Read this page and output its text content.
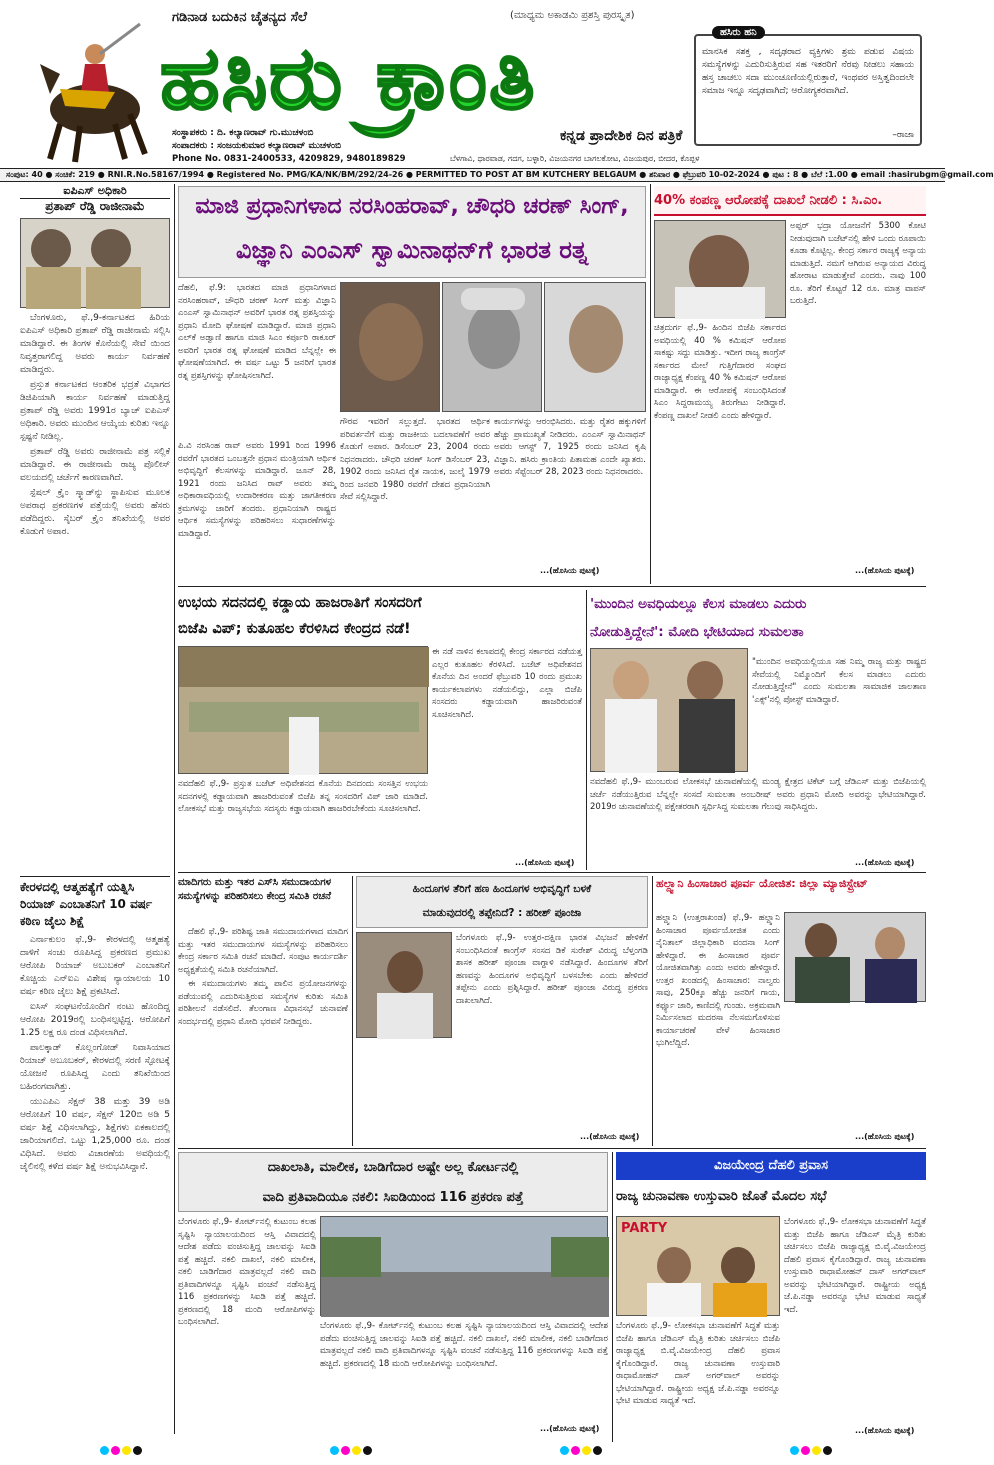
ಗಡಿನಾಡ ಬದುಕಿನ ಚೈತನ್ಯದ ಸೆಲೆ	(ಮಾಧ್ಯಮ ಅಕಾಡಮಿ ಪ್ರಶಸ್ತಿ ಪುರಸ್ಕೃತ)
ಹಸಿರು ಕ್ರಾಂತಿ
ಸಂಸ್ಥಾಪಕರು : ದಿ. ಕಲ್ಯಾಣರಾವ್ ಗು.ಮುಚಳಂಬಿ
ಸಂಪಾದಕರು : ಸಂಜಯಕುಮಾರ ಕಲ್ಯಾಣರಾವ್ ಮುಚಳಂಬಿ
Phone No. 0831-2400533, 4209829, 9480189829
ಕನ್ನಡ ಪ್ರಾದೇಶಿಕ ದಿನ ಪತ್ರಿಕೆ
ಬೆಳಗಾವಿ, ಧಾರವಾಡ, ಗದಗ, ಬಳ್ಳಾರಿ, ವಿಜಯನಗರ ಬಾಗಲಕೋಟ, ವಿಜಯಪುರ, ಬೀದರ, ಕೊಪ್ಪಳ
ಹಸಿರು ಹನಿ
ಮಾನಸಿಕ ಸಶಕ್ತ , ಸದೃಢರಾದ ವ್ಯಕ್ತಿಗಳು ಶ್ರಮ ಪಡುವ ವಿಷಯ ಸಮಸ್ಯೆಗಳನ್ನು ಎದುರಿಸುತ್ತಿರುವ ಸಹ ಇತರರಿಗೆ ನೆರವು ನೀಡಲು ಸಹಾಯ ಹಸ್ತ ಚಾಚಲು ಸದಾ ಮುಂಚೂಣಿಯಲ್ಲಿರುತ್ತಾರೆ, ಇಂಥವರ ಅಸ್ತಿತ್ವದಿಂದಲೇ ಸಮಾಜ ಇನ್ನೂ ಸದೃಢವಾಗಿದೆ; ಆರೋಗ್ಯಕರವಾಗಿದೆ.
–ರಾಜಾ
ಸಂಪುಟ: 40 ● ಸಂಚಿಕೆ: 219 ● RNI.R.No.58167/1994 ● Registered No. PMG/KA/NK/BM/292/24-26 ● PERMITTED TO POST AT BM KUTCHERY BELGAUM ● ಶನಿವಾರ ● ಫೆಬ್ರುವರಿ 10-02-2024 ● ಪುಟ : 8 ● ಬೆಲೆ :1.00 ● email :hasirubgm@gmail.com
ಐಪಿಎಸ್ ಅಧಿಕಾರಿ
ಪ್ರತಾಪ್ ರೆಡ್ಡಿ ರಾಜೀನಾಮೆ

ಬೆಂಗಳೂರು, ಫೆ.,9-ಕರ್ನಾಟಕದ ಹಿರಿಯ ಐಪಿಎಸ್ ಅಧಿಕಾರಿ ಪ್ರತಾಪ್ ರೆಡ್ಡಿ ರಾಜೀನಾಮೆ ಸಲ್ಲಿಸಿ ಮಾಡಿದ್ದಾರೆ. ಈ ತಿಂಗಳ ಕೊನೆಯಲ್ಲಿ ಸೇವೆ ಯಿಂದ ನಿವೃತ್ತರಾಗಲಿದ್ದ ಅವರು ಕಾರ್ಯ ನಿರ್ವಹಣೆ ಮಾಡಿದ್ದರು.

ಪ್ರಸ್ತುತ ಕರ್ನಾಟಕದ ಆಂತರಿಕ ಭದ್ರತೆ ವಿಭಾಗದ ಡಿಜಿಪಿಯಾಗಿ ಕಾರ್ಯ ನಿರ್ವಹಣೆ ಮಾಡುತ್ತಿದ್ದ ಪ್ರತಾಪ್ ರೆಡ್ಡಿ ಅವರು 1991ರ ಬ್ಯಾಚ್ ಐಪಿಎಸ್ ಅಧಿಕಾರಿ. ಅವರು ಮುಂದಿನ ಆಯ್ಕೆಯ ಕುರಿತು ಇನ್ನೂ ಸ್ಪಷ್ಟನೆ ನೀಡಿಲ್ಲ.

ಪ್ರತಾಪ್ ರೆಡ್ಡಿ ಅವರು ರಾಜೀನಾಮೆ ಪತ್ರ ಸಲ್ಲಿಕೆ ಮಾಡಿದ್ದಾರೆ. ಈ ರಾಜೀನಾಮೆ ರಾಜ್ಯ ಪೊಲೀಸ್ ವಲಯದಲ್ಲಿ ಚರ್ಚೆಗೆ ಕಾರಣವಾಗಿದೆ.

ಸ್ಪೆಷಲ್ ಕ್ರೈಂ ಸ್ಕ್ವಾಡ್‌ನ್ನು ಸ್ಥಾಪಿಸುವ ಮೂಲಕ ಅಪರಾಧ ಪ್ರಕರಣಗಳ ಪತ್ತೆಯಲ್ಲಿ ಅವರು ಹೆಸರು ಪಡೆದಿದ್ದರು. ಸೈಬರ್ ಕ್ರೈಂ ತನಿಖೆಯಲ್ಲಿ ಅವರ ಕೊಡುಗೆ ಅಪಾರ.

ಕೇರಳದಲ್ಲಿ ಆತ್ಮಹತ್ಯೆಗೆ ಯತ್ನಿಸಿ ರಿಯಾಜ್ ಎಂಬಾತನಿಗೆ 10 ವರ್ಷ ಕಠಿಣ ಜೈಲು ಶಿಕ್ಷೆ

ಎರ್ನಾಕುಲಂ ಫೆ.,9- ಕೇರಳದಲ್ಲಿ ಆತ್ಮಹತ್ಯೆ ದಾಳಿಗೆ ಸಂಚು ರೂಪಿಸಿದ್ದ ಪ್ರಕರಣದ ಪ್ರಮುಖ ಆರೋಪಿ ರಿಯಾಜ್ ಅಬುಬಕರ್ ಎಂಬಾತನಿಗೆ ಕೊಚ್ಚಿಯ ಎನ್‌ಐಎ ವಿಶೇಷ ನ್ಯಾಯಾಲಯ 10 ವರ್ಷ ಕಠಿಣ ಜೈಲು ಶಿಕ್ಷೆ ಪ್ರಕಟಿಸಿದೆ.

ಐಸಿಸ್ ಸಂಘಟನೆಯೊಂದಿಗೆ ನಂಟು ಹೊಂದಿದ್ದ ಆರೋಪಿ 2019ರಲ್ಲಿ ಬಂಧಿಸಲ್ಪಟ್ಟಿದ್ದ. ಆರೋಪಿಗೆ 1.25 ಲಕ್ಷ ರೂ ದಂಡ ವಿಧಿಸಲಾಗಿದೆ.

ಪಾಲಕ್ಕಾಡ್ ಕೊಲ್ಲಂಗೋಡ್ ನಿವಾಸಿಯಾದ ರಿಯಾಜ್ ಅಬೂಬಕರ್, ಕೇರಳದಲ್ಲಿ ಸರಣಿ ಸ್ಫೋಟಕ್ಕೆ ಯೋಜನೆ ರೂಪಿಸಿದ್ದ ಎಂದು ತನಿಖೆಯಿಂದ ಬಹಿರಂಗವಾಗಿತ್ತು.

ಯುಎಪಿಎ ಸೆಕ್ಷನ್ 38 ಮತ್ತು 39 ಅಡಿ ಆರೋಪಿಗೆ 10 ವರ್ಷ, ಸೆಕ್ಷನ್ 120ಬಿ ಅಡಿ 5 ವರ್ಷ ಶಿಕ್ಷೆ ವಿಧಿಸಲಾಗಿದ್ದು, ಶಿಕ್ಷೆಗಳು ಏಕಕಾಲದಲ್ಲಿ ಜಾರಿಯಾಗಲಿದೆ. ಒಟ್ಟು 1,25,000 ರೂ. ದಂಡ ವಿಧಿಸಿದೆ. ಅವರು ವಿಚಾರಣೆಯ ಅವಧಿಯಲ್ಲಿ ಜೈಲಿನಲ್ಲಿ ಕಳೆದ ವರ್ಷ ಶಿಕ್ಷೆ ಅನುಭವಿಸಿದ್ದಾನೆ.

ಮಾಜಿ ಪ್ರಧಾನಿಗಳಾದ ನರಸಿಂಹರಾವ್, ಚೌಧರಿ ಚರಣ್ ಸಿಂಗ್,
ವಿಜ್ಞಾನಿ ಎಂಎಸ್ ಸ್ವಾಮಿನಾಥನ್‌ಗೆ ಭಾರತ ರತ್ನ
ದೆಹಲಿ, ಫೆ.9: ಭಾರತದ ಮಾಜಿ ಪ್ರಧಾನಿಗಳಾದ ನರಸಿಂಹರಾವ್, ಚೌಧರಿ ಚರಣ್ ಸಿಂಗ್ ಮತ್ತು ವಿಜ್ಞಾನಿ ಎಂಎಸ್ ಸ್ವಾಮಿನಾಥನ್ ಅವರಿಗೆ ಭಾರತ ರತ್ನ ಪ್ರಶಸ್ತಿಯನ್ನು ಪ್ರಧಾನಿ ಮೋದಿ ಘೋಷಣೆ ಮಾಡಿದ್ದಾರೆ. ಮಾಜಿ ಪ್ರಧಾನಿ ಎಲ್‌ಕೆ ಅಡ್ವಾಣಿ ಹಾಗೂ ಮಾಜಿ ಸಿಎಂ ಕರ್ಪೂರಿ ಠಾಕೂರ್ ಅವರಿಗೆ ಭಾರತ ರತ್ನ ಘೋಷಣೆ ಮಾಡಿದ ಬೆನ್ನಲ್ಲೇ ಈ ಘೋಷಣೆಯಾಗಿದೆ. ಈ ವರ್ಷ ಒಟ್ಟು 5 ಜನರಿಗೆ ಭಾರತ ರತ್ನ ಪ್ರಶಸ್ತಿಗಳನ್ನು ಘೋಷಿಸಲಾಗಿದೆ.
ಪಿ.ವಿ ನರಸಿಂಹ ರಾವ್ ಅವರು 1991 ರಿಂದ 1996 ರವರೆಗೆ ಭಾರತದ ಒಂಬತ್ತನೇ ಪ್ರಧಾನ ಮಂತ್ರಿಯಾಗಿ ಆರ್ಥಿಕ ಅಭಿವೃದ್ಧಿಗೆ ಕೆಲಸಗಳನ್ನು ಮಾಡಿದ್ದಾರೆ. ಜೂನ್ 28, 1921 ರಂದು ಜನಿಸಿದ ರಾವ್ ಅವರು ತಮ್ಮ ಅಧಿಕಾರಾವಧಿಯಲ್ಲಿ ಉದಾರೀಕರಣ ಮತ್ತು ಜಾಗತೀಕರಣ ಕ್ರಮಗಳನ್ನು ಜಾರಿಗೆ ತಂದರು. ಪ್ರಧಾನಿಯಾಗಿ ರಾಷ್ಟ್ರದ ಆರ್ಥಿಕ ಸಮಸ್ಯೆಗಳನ್ನು ಪರಿಹರಿಸಲು ಸುಧಾರಣೆಗಳನ್ನು ಮಾಡಿದ್ದಾರೆ.
ಗೌರವ ಇವರಿಗೆ ಸಲ್ಲುತ್ತದೆ. ಭಾರತದ ಆರ್ಥಿಕ ಪರಿವರ್ತನೆಗೆ ಮತ್ತು ರಾಜಕೀಯ ಬದಲಾವಣೆಗೆ ಅವರ ಕೊಡುಗೆ ಅಪಾರ. ಡಿಸೆಂಬರ್ 23, 2004 ರಂದು ನಿಧನರಾದರು. ಚೌಧರಿ ಚರಣ್ ಸಿಂಗ್ ಡಿಸೆಂಬರ್ 23, 1902 ರಂದು ಜನಿಸಿದ ರೈತ ನಾಯಕ, ಜುಲೈ 1979 ರಿಂದ ಜನವರಿ 1980 ರವರೆಗೆ ದೇಶದ ಪ್ರಧಾನಿಯಾಗಿ ಸೇವೆ ಸಲ್ಲಿಸಿದ್ದಾರೆ.
ಕಾರ್ಯಗಳನ್ನು ಆರಂಭಿಸಿದರು. ಮತ್ತು ರೈತರ ಹಕ್ಕುಗಳಿಗೆ ಹೆಚ್ಚು ಪ್ರಾಮುಖ್ಯತೆ ನೀಡಿದರು. ಎಂಎಸ್ ಸ್ವಾಮಿನಾಥನ್ ಅವರು ಆಗಸ್ಟ್ 7, 1925 ರಂದು ಜನಿಸಿದ ಕೃಷಿ ವಿಜ್ಞಾನಿ. ಹಸಿರು ಕ್ರಾಂತಿಯ ಪಿತಾಮಹ ಎಂದೇ ಖ್ಯಾತರು. ಅವರು ಸೆಪ್ಟೆಂಬರ್ 28, 2023 ರಂದು ನಿಧನರಾದರು.
...(ಹೊಸಿಯ ಪುಟಕ್ಕೆ)
40% ಕಂಪಣ್ಣ ಆರೋಪಕ್ಕೆ ದಾಖಲೆ ನೀಡಲಿ : ಸಿ.ಎಂ.
ಚಿತ್ರದುರ್ಗ ಫೆ.,9- ಹಿಂದಿನ ಬಿಜೆಪಿ ಸರ್ಕಾರದ ಅವಧಿಯಲ್ಲಿ 40 % ಕಮಿಷನ್ ಆರೋಪ ಸಾಕಷ್ಟು ಸದ್ದು ಮಾಡಿತ್ತು. ಇದೀಗ ರಾಜ್ಯ ಕಾಂಗ್ರೆಸ್ ಸರ್ಕಾರದ ಮೇಲೆ ಗುತ್ತಿಗೆದಾರರ ಸಂಘದ ರಾಜ್ಯಾಧ್ಯಕ್ಷ ಕೆಂಪಣ್ಣ 40 % ಕಮಿಷನ್ ಆರೋಪ ಮಾಡಿದ್ದಾರೆ. ಈ ಆರೋಪಕ್ಕೆ ಸಂಬಂಧಿಸಿದಂತೆ ಸಿಎಂ ಸಿದ್ದರಾಮಯ್ಯ ತಿರುಗೇಟು ನೀಡಿದ್ದಾರೆ. ಕೆಂಪಣ್ಣ ದಾಖಲೆ ನೀಡಲಿ ಎಂದು ಹೇಳಿದ್ದಾರೆ.
ಅಪ್ಪರ್ ಭದ್ರಾ ಯೋಜನೆಗೆ 5300 ಕೋಟಿ ನೀಡುವುದಾಗಿ ಬಜೆಟ್‌ನಲ್ಲಿ ಹೇಳಿ ಒಂದು ರೂಪಾಯಿ ಕೂಡಾ ಕೊಟ್ಟಿಲ್ಲ. ಕೇಂದ್ರ ಸರ್ಕಾರ ರಾಜ್ಯಕ್ಕೆ ಅನ್ಯಾಯ ಮಾಡುತ್ತಿದೆ. ನಮಗೆ ಆಗಿರುವ ಅನ್ಯಾಯದ ವಿರುದ್ಧ ಹೋರಾಟ ಮಾಡುತ್ತೇವೆ ಎಂದರು. ನಾವು 100 ರೂ. ತೆರಿಗೆ ಕೊಟ್ಟರೆ 12 ರೂ. ಮಾತ್ರ ವಾಪಸ್ ಬರುತ್ತಿದೆ.
...(ಹೊಸಿಯ ಪುಟಕ್ಕೆ)
ಉಭಯ ಸದನದಲ್ಲಿ ಕಡ್ಡಾಯ ಹಾಜರಾತಿಗೆ ಸಂಸದರಿಗೆ
ಬಿಜೆಪಿ ವಿಪ್; ಕುತೂಹಲ ಕೆರಳಿಸಿದ ಕೇಂದ್ರದ ನಡೆ!
ಈ ನಡೆ ನಾಳಿನ ಕಲಾಪದಲ್ಲಿ ಕೇಂದ್ರ ಸರ್ಕಾರದ ನಡೆಯತ್ತ ಎಲ್ಲರ ಕುತೂಹಲ ಕೆರಳಿಸಿದೆ. ಬಜೆಟ್ ಅಧಿವೇಶನದ ಕೊನೆಯ ದಿನ ಅಂದರೆ ಫೆಬ್ರುವರಿ 10 ರಂದು ಪ್ರಮುಖ ಕಾರ್ಯಕಲಾಪಗಳು ನಡೆಯಲಿದ್ದು, ಎಲ್ಲಾ ಬಿಜೆಪಿ ಸಂಸದರು ಕಡ್ಡಾಯವಾಗಿ ಹಾಜರಿರುವಂತೆ ಸೂಚಿಸಲಾಗಿದೆ.
ನವದೆಹಲಿ ಫೆ.,9- ಪ್ರಸ್ತುತ ಬಜೆಟ್ ಅಧಿವೇಶನದ ಕೊನೆಯ ದಿನದಂದು ಸಂಸತ್ತಿನ ಉಭಯ ಸದನಗಳಲ್ಲಿ ಕಡ್ಡಾಯವಾಗಿ ಹಾಜರಿರುವಂತೆ ಬಿಜೆಪಿ ತನ್ನ ಸಂಸದರಿಗೆ ವಿಪ್ ಜಾರಿ ಮಾಡಿದೆ. ಲೋಕಸಭೆ ಮತ್ತು ರಾಜ್ಯಸಭೆಯ ಸದಸ್ಯರು ಕಡ್ಡಾಯವಾಗಿ ಹಾಜರಿರಬೇಕೆಂದು ಸೂಚಿಸಲಾಗಿದೆ.
...(ಹೊಸಿಯ ಪುಟಕ್ಕೆ)
'ಮುಂದಿನ ಅವಧಿಯಲ್ಲೂ ಕೆಲಸ ಮಾಡಲು ಎದುರು
ನೋಡುತ್ತಿದ್ದೇನೆ': ಮೋದಿ ಭೇಟಿಯಾದ ಸುಮಲತಾ
"ಮುಂದಿನ ಅವಧಿಯಲ್ಲಿಯೂ ಸಹ ನಿಮ್ಮ ರಾಜ್ಯ ಮತ್ತು ರಾಷ್ಟ್ರದ ಸೇವೆಯಲ್ಲಿ ನಿಮ್ಮೊಂದಿಗೆ ಕೆಲಸ ಮಾಡಲು ಎದುರು ನೋಡುತ್ತಿದ್ದೇನೆ" ಎಂದು ಸುಮಲತಾ ಸಾಮಾಜಿಕ ಜಾಲತಾಣ 'ಎಕ್ಸ್'ನಲ್ಲಿ ಪೋಸ್ಟ್ ಮಾಡಿದ್ದಾರೆ.
ನವದೆಹಲಿ ಫೆ.,9- ಮುಂಬರುವ ಲೋಕಸಭೆ ಚುನಾವಣೆಯಲ್ಲಿ ಮಂಡ್ಯ ಕ್ಷೇತ್ರದ ಟಿಕೆಟ್ ಬಗ್ಗೆ ಜೆಡಿಎಸ್ ಮತ್ತು ಬಿಜೆಪಿಯಲ್ಲಿ ಚರ್ಚೆ ನಡೆಯುತ್ತಿರುವ ಬೆನ್ನಲ್ಲೇ ಸಂಸದೆ ಸುಮಲತಾ ಅಂಬರೀಷ್ ಅವರು ಪ್ರಧಾನಿ ಮೋದಿ ಅವರನ್ನು ಭೇಟಿಯಾಗಿದ್ದಾರೆ. 2019ರ ಚುನಾವಣೆಯಲ್ಲಿ ಪಕ್ಷೇತರರಾಗಿ ಸ್ಪರ್ಧಿಸಿದ್ದ ಸುಮಲತಾ ಗೆಲುವು ಸಾಧಿಸಿದ್ದರು.
...(ಹೊಸಿಯ ಪುಟಕ್ಕೆ)
ಮಾದಿಗರು ಮತ್ತು ಇತರ ಎಸ್‌ಸಿ ಸಮುದಾಯಗಳ ಸಮಸ್ಯೆಗಳನ್ನು ಪರಿಹರಿಸಲು ಕೇಂದ್ರ ಸಮಿತಿ ರಚನೆ

ದೆಹಲಿ ಫೆ.,9- ಪರಿಶಿಷ್ಟ ಜಾತಿ ಸಮುದಾಯಗಳಾದ ಮಾದಿಗ ಮತ್ತು ಇತರ ಸಮುದಾಯಗಳ ಸಮಸ್ಯೆಗಳನ್ನು ಪರಿಹರಿಸಲು ಕೇಂದ್ರ ಸರ್ಕಾರ ಸಮಿತಿ ರಚನೆ ಮಾಡಿದೆ. ಸಂಪುಟ ಕಾರ್ಯದರ್ಶಿ ಅಧ್ಯಕ್ಷತೆಯಲ್ಲಿ ಸಮಿತಿ ರಚನೆಯಾಗಿದೆ.

ಈ ಸಮುದಾಯಗಳು ತಮ್ಮ ಪಾಲಿನ ಪ್ರಯೋಜನಗಳನ್ನು ಪಡೆಯುವಲ್ಲಿ ಎದುರಿಸುತ್ತಿರುವ ಸಮಸ್ಯೆಗಳ ಕುರಿತು ಸಮಿತಿ ಪರಿಶೀಲನೆ ನಡೆಸಲಿದೆ. ತೆಲಂಗಾಣ ವಿಧಾನಸಭೆ ಚುನಾವಣೆ ಸಂದರ್ಭದಲ್ಲಿ ಪ್ರಧಾನಿ ಮೋದಿ ಭರವಸೆ ನೀಡಿದ್ದರು.

ಹಿಂದೂಗಳ ತೆರಿಗೆ ಹಣ ಹಿಂದೂಗಳ ಅಭಿವೃದ್ಧಿಗೆ ಬಳಕೆ
ಮಾಡುವುದರಲ್ಲಿ ತಪ್ಪೇನಿದೆ? : ಹರೀಶ್ ಪೂಂಜಾ
ಬೆಂಗಳೂರು ಫೆ.,9- ಉತ್ತರ-ದಕ್ಷಿಣ ಭಾರತ ವಿಭಜನೆ ಹೇಳಿಕೆಗೆ ಸಂಬಂಧಿಸಿದಂತೆ ಕಾಂಗ್ರೆಸ್ ಸಂಸದ ಡಿಕೆ ಸುರೇಶ್ ವಿರುದ್ಧ ಬೆಳ್ತಂಗಡಿ ಶಾಸಕ ಹರೀಶ್ ಪೂಂಜಾ ವಾಗ್ದಾಳಿ ನಡೆಸಿದ್ದಾರೆ. ಹಿಂದೂಗಳ ತೆರಿಗೆ ಹಣವನ್ನು ಹಿಂದೂಗಳ ಅಭಿವೃದ್ಧಿಗೆ ಬಳಸಬೇಕು ಎಂದು ಹೇಳಿದರೆ ತಪ್ಪೇನು ಎಂದು ಪ್ರಶ್ನಿಸಿದ್ದಾರೆ. ಹರೀಶ್ ಪೂಂಜಾ ವಿರುದ್ಧ ಪ್ರಕರಣ ದಾಖಲಾಗಿದೆ.
...(ಹೊಸಿಯ ಪುಟಕ್ಕೆ)
ಹಲ್ದ್ವಾನಿ ಹಿಂಸಾಚಾರ ಪೂರ್ವ ಯೋಜಿತ: ಜಿಲ್ಲಾ ಮ್ಯಾಜಿಸ್ಟ್ರೇಟ್
ಹಲ್ದ್ವಾನಿ (ಉತ್ತರಾಖಂಡ) ಫೆ.,9- ಹಲ್ದ್ವಾನಿ ಹಿಂಸಾಚಾರ ಪೂರ್ವಯೋಜಿತ ಎಂದು ನೈನಿತಾಲ್ ಜಿಲ್ಲಾಧಿಕಾರಿ ವಂದನಾ ಸಿಂಗ್ ಹೇಳಿದ್ದಾರೆ. ಈ ಹಿಂಸಾಚಾರ ಪೂರ್ವ ಯೋಜಿತವಾಗಿತ್ತು ಎಂದು ಅವರು ಹೇಳಿದ್ದಾರೆ. ಉತ್ತರ ಖಂಡದಲ್ಲಿ ಹಿಂಸಾಚಾರ: ನಾಲ್ವರು ಸಾವು, 250ಕ್ಕೂ ಹೆಚ್ಚು ಜನರಿಗೆ ಗಾಯ, ಕರ್ಫ್ಯೂ ಜಾರಿ, ಕಾಣಿದಲ್ಲಿ ಗುಂಡು. ಅಕ್ರಮವಾಗಿ ನಿರ್ಮಿಸಲಾದ ಮದರಸಾ ನೆಲಸಮಗೊಳಿಸುವ ಕಾರ್ಯಾಚರಣೆ ವೇಳೆ ಹಿಂಸಾಚಾರ ಭುಗಿಲೆದ್ದಿದೆ.
...(ಹೊಸಿಯ ಪುಟಕ್ಕೆ)
ದಾಖಲಾತಿ, ಮಾಲೀಕ, ಬಾಡಿಗೆದಾರ ಅಷ್ಟೇ ಅಲ್ಲ ಕೋರ್ಟನಲ್ಲಿ
ವಾದಿ ಪ್ರತಿವಾದಿಯೂ ನಕಲಿ: ಸಿಐಡಿಯಿಂದ 116 ಪ್ರಕರಣ ಪತ್ತೆ
ಬೆಂಗಳೂರು ಫೆ.,9- ಕೋರ್ಟ್‌ನಲ್ಲಿ ಕುಟುಂಬ ಕಲಹ ಸೃಷ್ಟಿಸಿ ನ್ಯಾಯಾಲಯದಿಂದ ಆಸ್ತಿ ವಿವಾದದಲ್ಲಿ ಆದೇಶ ಪಡೆದು ವಂಚಿಸುತ್ತಿದ್ದ ಜಾಲವನ್ನು ಸಿಐಡಿ ಪತ್ತೆ ಹಚ್ಚಿದೆ. ನಕಲಿ ದಾಖಲೆ, ನಕಲಿ ಮಾಲೀಕ, ನಕಲಿ ಬಾಡಿಗೆದಾರ ಮಾತ್ರವಲ್ಲದೆ ನಕಲಿ ವಾದಿ ಪ್ರತಿವಾದಿಗಳನ್ನೂ ಸೃಷ್ಟಿಸಿ ವಂಚನೆ ನಡೆಸುತ್ತಿದ್ದ 116 ಪ್ರಕರಣಗಳನ್ನು ಸಿಐಡಿ ಪತ್ತೆ ಹಚ್ಚಿದೆ. ಪ್ರಕರಣದಲ್ಲಿ 18 ಮಂದಿ ಆರೋಪಿಗಳನ್ನು ಬಂಧಿಸಲಾಗಿದೆ.	ಬೆಂಗಳೂರು ಫೆ.,9- ಕೋರ್ಟ್‌ನಲ್ಲಿ ಕುಟುಂಬ ಕಲಹ ಸೃಷ್ಟಿಸಿ ನ್ಯಾಯಾಲಯದಿಂದ ಆಸ್ತಿ ವಿವಾದದಲ್ಲಿ ಆದೇಶ ಪಡೆದು ವಂಚಿಸುತ್ತಿದ್ದ ಜಾಲವನ್ನು ಸಿಐಡಿ ಪತ್ತೆ ಹಚ್ಚಿದೆ. ನಕಲಿ ದಾಖಲೆ, ನಕಲಿ ಮಾಲೀಕ, ನಕಲಿ ಬಾಡಿಗೆದಾರ ಮಾತ್ರವಲ್ಲದೆ ನಕಲಿ ವಾದಿ ಪ್ರತಿವಾದಿಗಳನ್ನೂ ಸೃಷ್ಟಿಸಿ ವಂಚನೆ ನಡೆಸುತ್ತಿದ್ದ 116 ಪ್ರಕರಣಗಳನ್ನು ಸಿಐಡಿ ಪತ್ತೆ ಹಚ್ಚಿದೆ. ಪ್ರಕರಣದಲ್ಲಿ 18 ಮಂದಿ ಆರೋಪಿಗಳನ್ನು ಬಂಧಿಸಲಾಗಿದೆ.
...(ಹೊಸಿಯ ಪುಟಕ್ಕೆ)
ವಿಜಯೇಂದ್ರ ದೆಹಲಿ ಪ್ರವಾಸ
ರಾಜ್ಯ ಚುನಾವಣಾ ಉಸ್ತುವಾರಿ ಜೊತೆ ಮೊದಲ ಸಭೆ
PARTY	ಬೆಂಗಳೂರು ಫೆ.,9- ಲೋಕಸಭಾ ಚುನಾವಣೆಗೆ ಸಿದ್ಧತೆ ಮತ್ತು ಬಿಜೆಪಿ ಹಾಗೂ ಜೆಡಿಎಸ್ ಮೈತ್ರಿ ಕುರಿತು ಚರ್ಚಿಸಲು ಬಿಜೆಪಿ ರಾಜ್ಯಾಧ್ಯಕ್ಷ ಬಿ.ವೈ.ವಿಜಯೇಂದ್ರ ದೆಹಲಿ ಪ್ರವಾಸ ಕೈಗೊಂಡಿದ್ದಾರೆ. ರಾಜ್ಯ ಚುನಾವಣಾ ಉಸ್ತುವಾರಿ ರಾಧಾಮೋಹನ್ ದಾಸ್ ಅಗರ್‌ವಾಲ್ ಅವರನ್ನು ಭೇಟಿಯಾಗಿದ್ದಾರೆ. ರಾಷ್ಟ್ರೀಯ ಅಧ್ಯಕ್ಷ ಜೆ.ಪಿ.ನಡ್ಡಾ ಅವರನ್ನೂ ಭೇಟಿ ಮಾಡುವ ಸಾಧ್ಯತೆ ಇದೆ.
ಬೆಂಗಳೂರು ಫೆ.,9- ಲೋಕಸಭಾ ಚುನಾವಣೆಗೆ ಸಿದ್ಧತೆ ಮತ್ತು ಬಿಜೆಪಿ ಹಾಗೂ ಜೆಡಿಎಸ್ ಮೈತ್ರಿ ಕುರಿತು ಚರ್ಚಿಸಲು ಬಿಜೆಪಿ ರಾಜ್ಯಾಧ್ಯಕ್ಷ ಬಿ.ವೈ.ವಿಜಯೇಂದ್ರ ದೆಹಲಿ ಪ್ರವಾಸ ಕೈಗೊಂಡಿದ್ದಾರೆ. ರಾಜ್ಯ ಚುನಾವಣಾ ಉಸ್ತುವಾರಿ ರಾಧಾಮೋಹನ್ ದಾಸ್ ಅಗರ್‌ವಾಲ್ ಅವರನ್ನು ಭೇಟಿಯಾಗಿದ್ದಾರೆ. ರಾಷ್ಟ್ರೀಯ ಅಧ್ಯಕ್ಷ ಜೆ.ಪಿ.ನಡ್ಡಾ ಅವರನ್ನೂ ಭೇಟಿ ಮಾಡುವ ಸಾಧ್ಯತೆ ಇದೆ.
...(ಹೊಸಿಯ ಪುಟಕ್ಕೆ)
